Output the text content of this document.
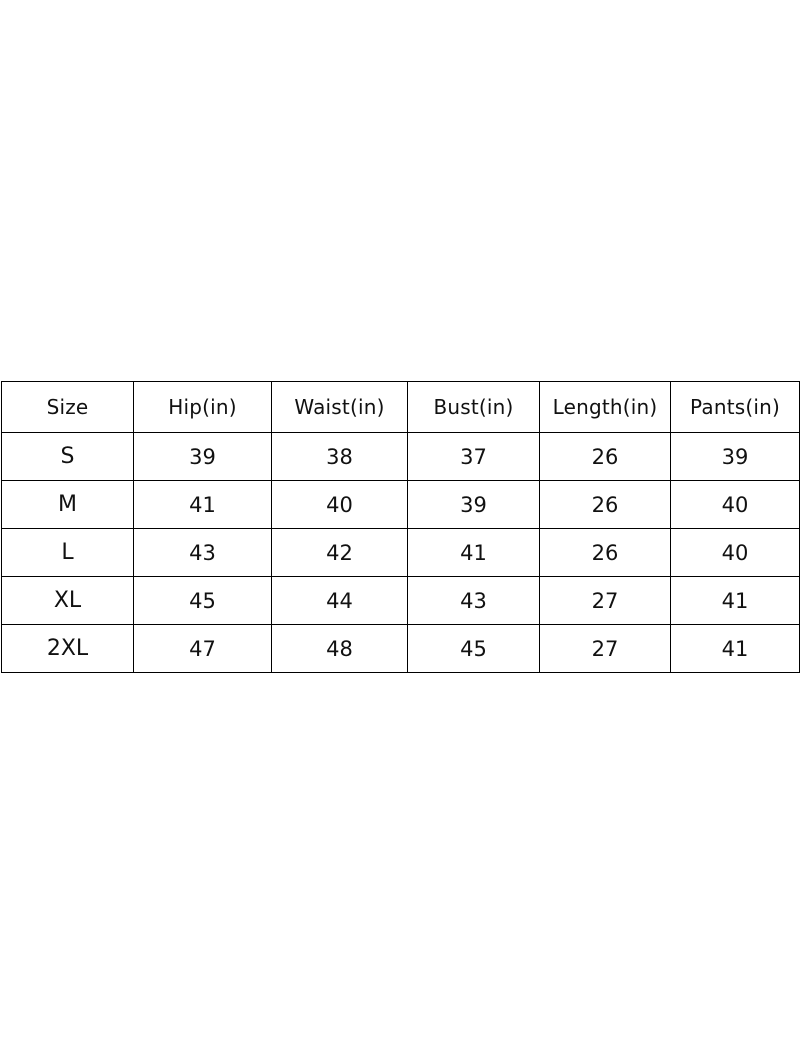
Size	Hip(in)	Waist(in)	Bust(in)	Length(in)	Pants(in)
S	39	38	37	26	39
M	41	40	39	26	40
L	43	42	41	26	40
XL	45	44	43	27	41
2XL	47	48	45	27	41
